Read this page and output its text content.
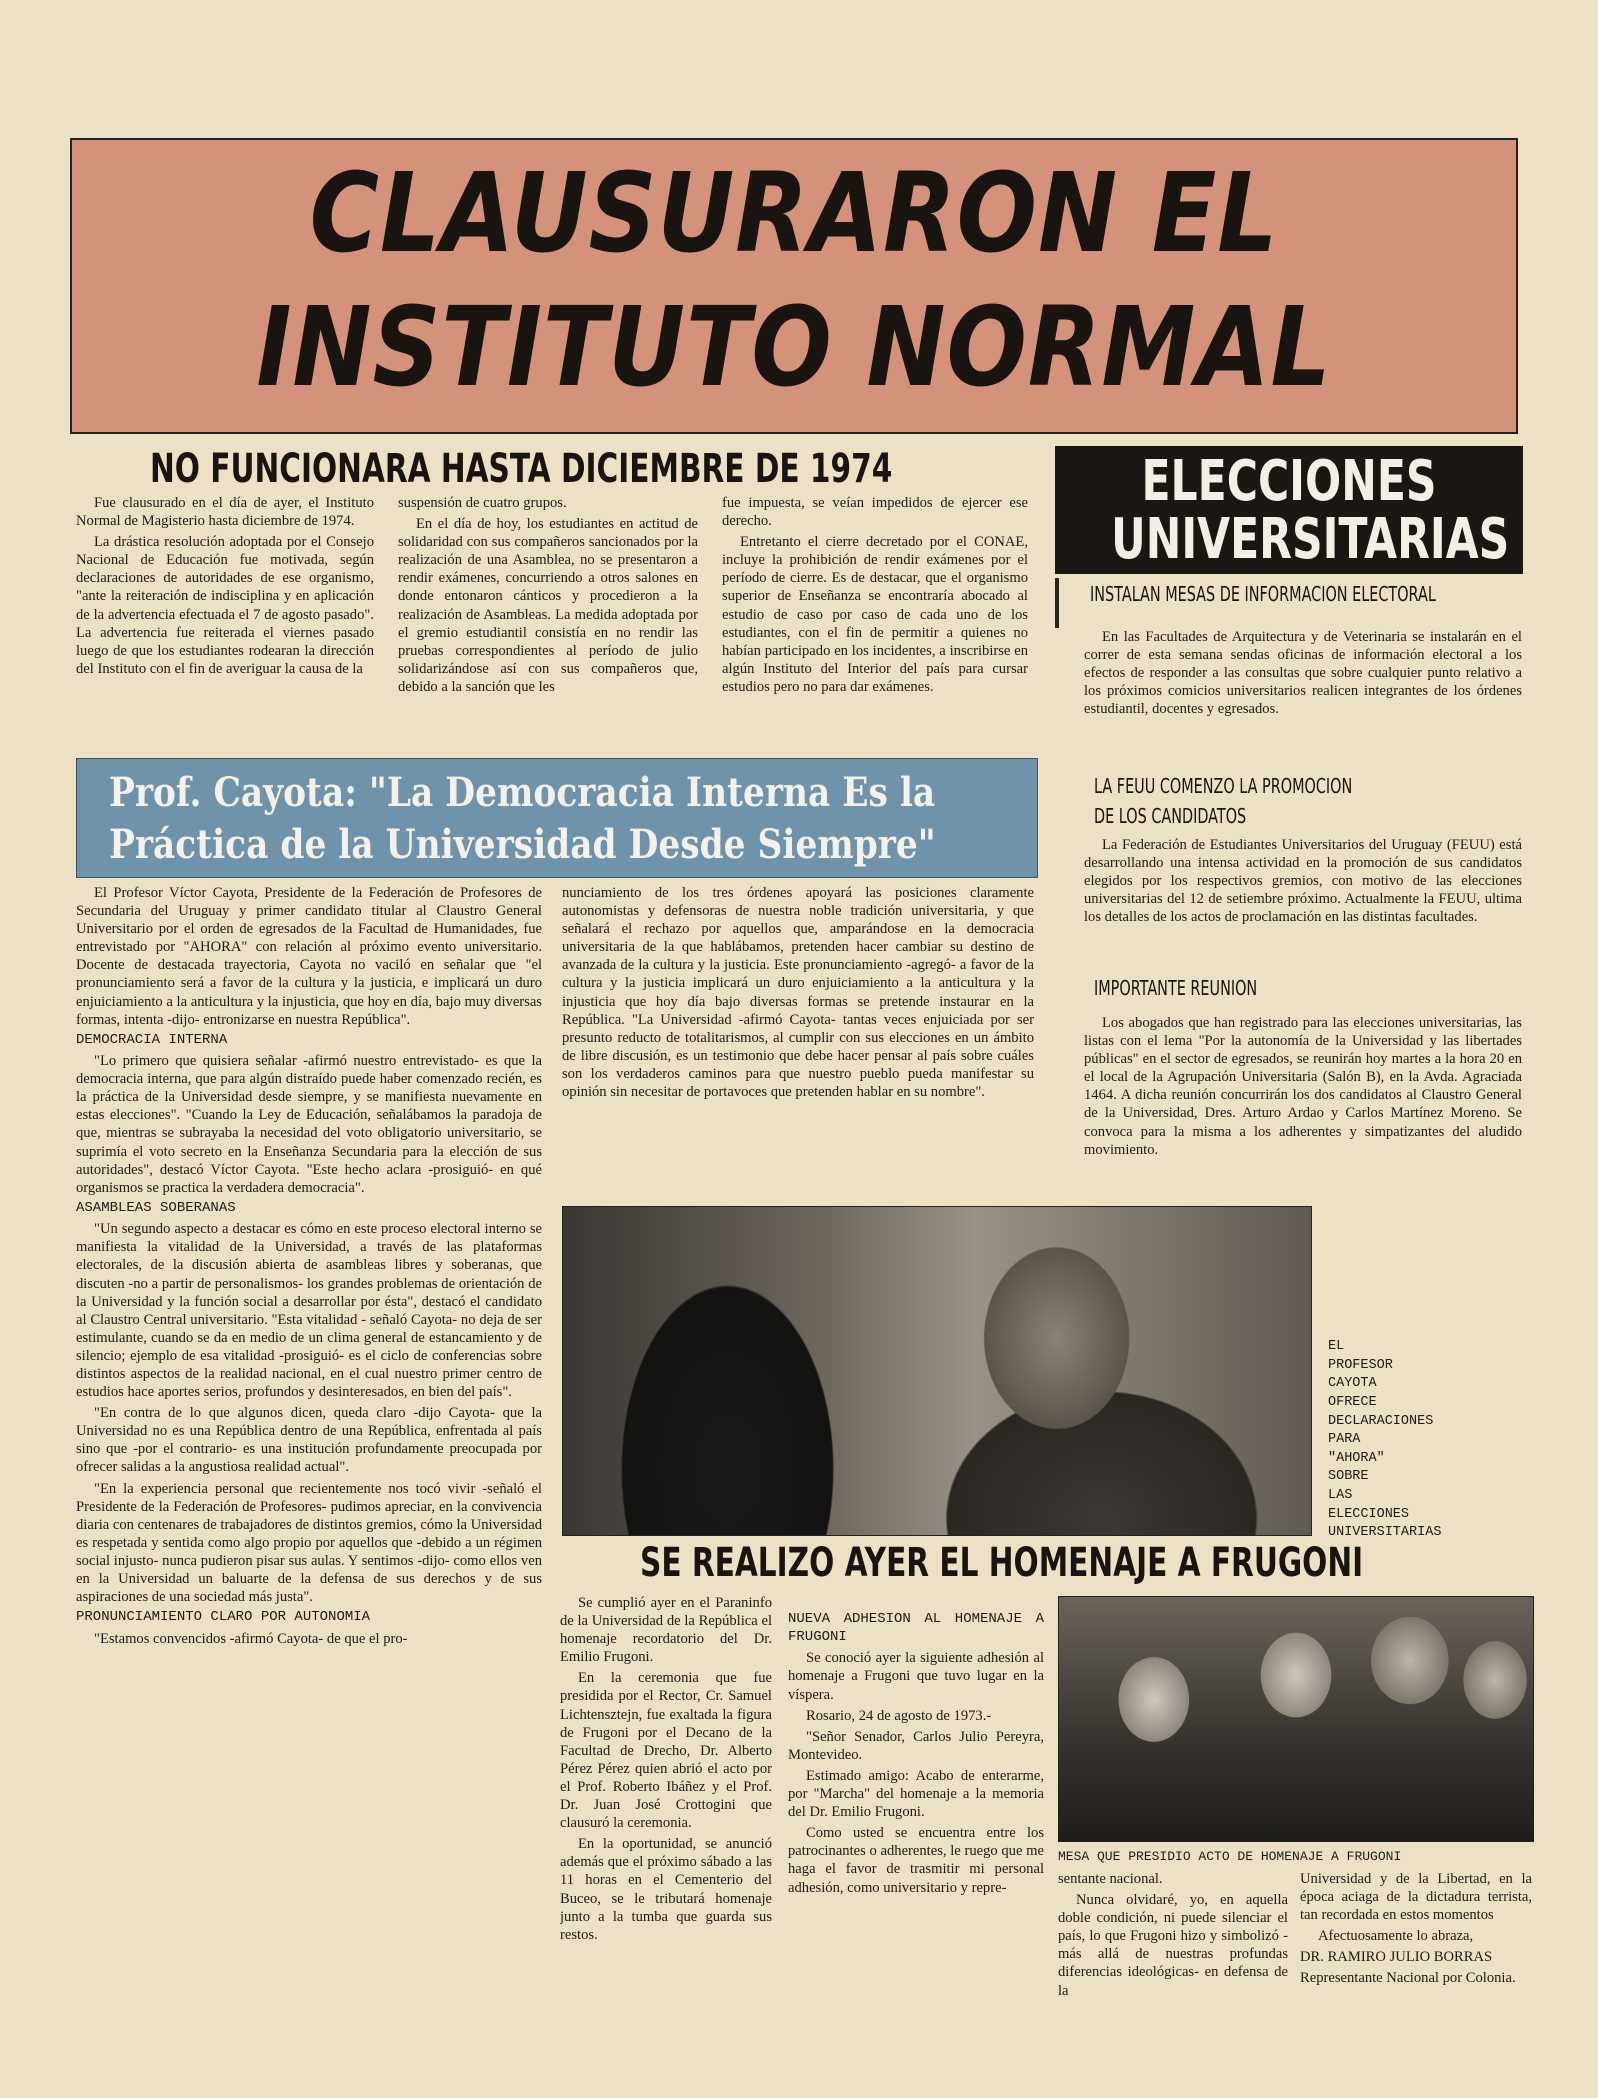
CLAUSURARON EL
INSTITUTO NORMAL
NO FUNCIONARA HASTA DICIEMBRE DE 1974

Fue clausurado en el día de ayer, el Instituto Normal de Magisterio hasta diciembre de 1974.

La drástica resolución adoptada por el Consejo Nacional de Educación fue motivada, según declaraciones de autoridades de ese organismo, "ante la reiteración de indisciplina y en aplicación de la advertencia efectuada el 7 de agosto pasado". La advertencia fue reiterada el viernes pasado luego de que los estudiantes rodearan la dirección del Instituto con el fin de averiguar la causa de la

suspensión de cuatro grupos.

En el día de hoy, los estudiantes en actitud de solidaridad con sus compañeros sancionados por la realización de una Asamblea, no se presentaron a rendir exámenes, concurriendo a otros salones en donde entonaron cánticos y procedieron a la realización de Asambleas. La medida adoptada por el gremio estudiantil consistía en no rendir las pruebas correspondientes al período de julio solidarizándose así con sus compañeros que, debido a la sanción que les

fue impuesta, se veían impedidos de ejercer ese derecho.

Entretanto el cierre decretado por el CONAE, incluye la prohibición de rendir exámenes por el período de cierre. Es de destacar, que el organismo superior de Enseñanza se encontraría abocado al estudio de caso por caso de cada uno de los estudiantes, con el fin de permitir a quienes no habían participado en los incidentes, a inscribirse en algún Instituto del Interior del país para cursar estudios pero no para dar exámenes.

Prof. Cayota: "La Democracia Interna Es la
Práctica de la Universidad Desde Siempre"

El Profesor Víctor Cayota, Presidente de la Federación de Profesores de Secundaria del Uruguay y primer candidato titular al Claustro General Universitario por el orden de egresados de la Facultad de Humanidades, fue entrevistado por "AHORA" con relación al próximo evento universitario. Docente de destacada trayectoria, Cayota no vaciló en señalar que "el pronunciamiento será a favor de la cultura y la justicia, e implicará un duro enjuiciamiento a la anticultura y la injusticia, que hoy en día, bajo muy diversas formas, intenta -dijo- entronizarse en nuestra República".

DEMOCRACIA INTERNA

"Lo primero que quisiera señalar -afirmó nuestro entrevistado- es que la democracia interna, que para algún distraído puede haber comenzado recién, es la práctica de la Universidad desde siempre, y se manifiesta nuevamente en estas elecciones". "Cuando la Ley de Educación, señalábamos la paradoja de que, mientras se subrayaba la necesidad del voto obligatorio universitario, se suprimía el voto secreto en la Enseñanza Secundaria para la elección de sus autoridades", destacó Víctor Cayota. "Este hecho aclara -prosiguió- en qué organismos se practica la verdadera democracia".

ASAMBLEAS SOBERANAS

"Un segundo aspecto a destacar es cómo en este proceso electoral interno se manifiesta la vitalidad de la Universidad, a través de las plataformas electorales, de la discusión abierta de asambleas libres y soberanas, que discuten -no a partir de personalismos- los grandes problemas de orientación de la Universidad y la función social a desarrollar por ésta", destacó el candidato al Claustro Central universitario. "Esta vitalidad - señaló Cayota- no deja de ser estimulante, cuando se da en medio de un clima general de estancamiento y de silencio; ejemplo de esa vitalidad -prosiguió- es el ciclo de conferencias sobre distintos aspectos de la realidad nacional, en el cual nuestro primer centro de estudios hace aportes serios, profundos y desinteresados, en bien del país".

"En contra de lo que algunos dicen, queda claro -dijo Cayota- que la Universidad no es una República dentro de una República, enfrentada al país sino que -por el contrario- es una institución profundamente preocupada por ofrecer salidas a la angustiosa realidad actual".

"En la experiencia personal que recientemente nos tocó vivir -señaló el Presidente de la Federación de Profesores- pudimos apreciar, en la convivencia diaria con centenares de trabajadores de distintos gremios, cómo la Universidad es respetada y sentida como algo propio por aquellos que -debido a un régimen social injusto- nunca pudieron pisar sus aulas. Y sentimos -dijo- como ellos ven en la Universidad un baluarte de la defensa de sus derechos y de sus aspiraciones de una sociedad más justa".

PRONUNCIAMIENTO CLARO POR AUTONOMIA

"Estamos convencidos -afirmó Cayota- de que el pro-

nunciamiento de los tres órdenes apoyará las posiciones claramente autonomistas y defensoras de nuestra noble tradición universitaria, y que señalará el rechazo por aquellos que, amparándose en la democracia universitaria de la que hablábamos, pretenden hacer cambiar su destino de avanzada de la cultura y la justicia. Este pronunciamiento -agregó- a favor de la cultura y la justicia implicará un duro enjuiciamiento a la anticultura y la injusticia que hoy día bajo diversas formas se pretende instaurar en la República. "La Universidad -afirmó Cayota- tantas veces enjuiciada por ser presunto reducto de totalitarismos, al cumplir con sus elecciones en un ámbito de libre discusión, es un testimonio que debe hacer pensar al país sobre cuáles son los verdaderos caminos para que nuestro pueblo pueda manifestar su opinión sin necesitar de portavoces que pretenden hablar en su nombre".

EL
PROFESOR
CAYOTA
OFRECE
DECLARACIONES
PARA
"AHORA"
SOBRE
LAS
ELECCIONES
UNIVERSITARIAS
ELECCIONES
UNIVERSITARIAS
INSTALAN MESAS DE INFORMACION ELECTORAL

En las Facultades de Arquitectura y de Veterinaria se instalarán en el correr de esta semana sendas oficinas de información electoral a los efectos de responder a las consultas que sobre cualquier punto relativo a los próximos comicios universitarios realicen integrantes de los órdenes estudiantil, docentes y egresados.

LA FEUU COMENZO LA PROMOCION
DE LOS CANDIDATOS

La Federación de Estudiantes Universitarios del Uruguay (FEUU) está desarrollando una intensa actividad en la promoción de sus candidatos elegidos por los respectivos gremios, con motivo de las elecciones universitarias del 12 de setiembre próximo. Actualmente la FEUU, ultima los detalles de los actos de proclamación en las distintas facultades.

IMPORTANTE REUNION

Los abogados que han registrado para las elecciones universitarias, las listas con el lema "Por la autonomía de la Universidad y las libertades públicas" en el sector de egresados, se reunirán hoy martes a la hora 20 en el local de la Agrupación Universitaria (Salón B), en la Avda. Agraciada 1464. A dicha reunión concurrirán los dos candidatos al Claustro General de la Universidad, Dres. Arturo Ardao y Carlos Martínez Moreno. Se convoca para la misma a los adherentes y simpatizantes del aludido movimiento.

SE REALIZO AYER EL HOMENAJE A FRUGONI

Se cumplió ayer en el Paraninfo de la Universidad de la República el homenaje recordatorio del Dr. Emilio Frugoni.

En la ceremonia que fue presidida por el Rector, Cr. Samuel Lichtensztejn, fue exaltada la figura de Frugoni por el Decano de la Facultad de Drecho, Dr. Alberto Pérez Pérez quien abrió el acto por el Prof. Roberto Ibáñez y el Prof. Dr. Juan José Crottogini que clausuró la ceremonia.

En la oportunidad, se anunció además que el próximo sábado a las 11 horas en el Cementerio del Buceo, se le tributará homenaje junto a la tumba que guarda sus restos.

NUEVA ADHESION AL HOMENAJE A FRUGONI

Se conoció ayer la siguiente adhesión al homenaje a Frugoni que tuvo lugar en la víspera.

Rosario, 24 de agosto de 1973.-

"Señor Senador, Carlos Julio Pereyra, Montevideo.

Estimado amigo: Acabo de enterarme, por "Marcha" del homenaje a la memoria del Dr. Emilio Frugoni.

Como usted se encuentra entre los patrocinantes o adherentes, le ruego que me haga el favor de trasmitir mi personal adhesión, como universitario y repre-

MESA QUE PRESIDIO ACTO DE HOMENAJE A FRUGONI

sentante nacional.

Nunca olvidaré, yo, en aquella doble condición, ni puede silenciar el país, lo que Frugoni hizo y simbolizó -más allá de nuestras profundas diferencias ideológicas- en defensa de la

Universidad y de la Libertad, en la época aciaga de la dictadura terrista, tan recordada en estos momentos

Afectuosamente lo abraza,

DR. RAMIRO JULIO BORRAS

Representante Nacional por Colonia.
